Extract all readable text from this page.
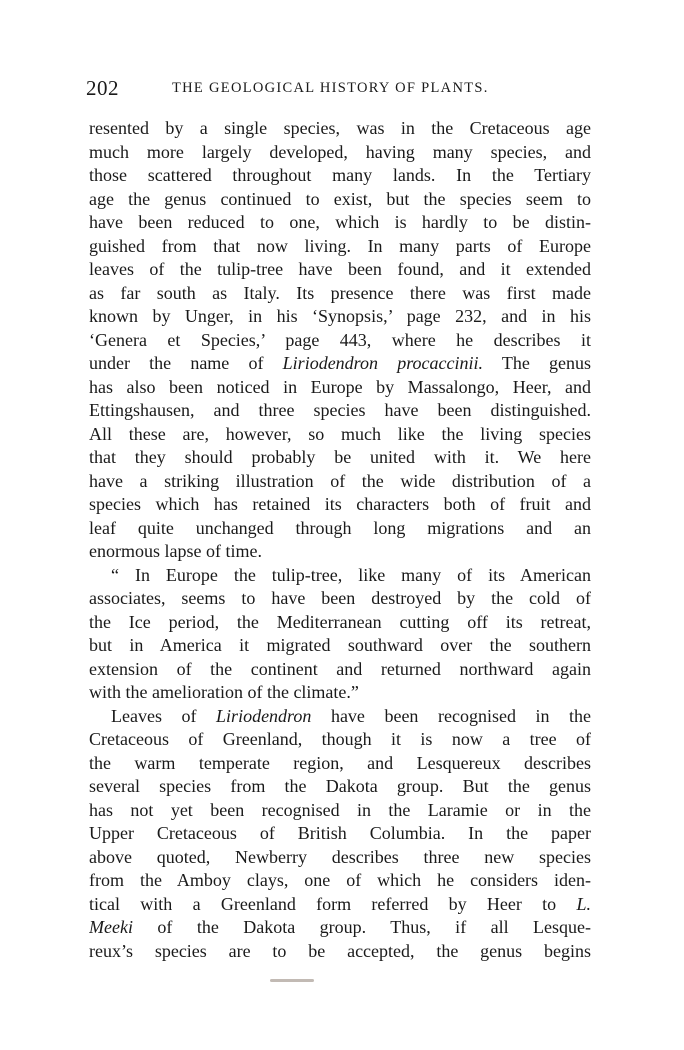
202	THE GEOLOGICAL HISTORY OF PLANTS.
resented by a single species, was in the Cretaceous age
much more largely developed, having many species, and
those scattered throughout many lands. In the Tertiary
age the genus continued to exist, but the species seem to
have been reduced to one, which is hardly to be distin-
guished from that now living. In many parts of Europe
leaves of the tulip-tree have been found, and it extended
as far south as Italy. Its presence there was first made
known by Unger, in his ‘Synopsis,’ page 232, and in his
‘Genera et Species,’ page 443, where he describes it
under the name of Liriodendron procaccinii. The genus
has also been noticed in Europe by Massalongo, Heer, and
Ettingshausen, and three species have been distinguished.
All these are, however, so much like the living species
that they should probably be united with it. We here
have a striking illustration of the wide distribution of a
species which has retained its characters both of fruit and
leaf quite unchanged through long migrations and an
enormous lapse of time.
“ In Europe the tulip-tree, like many of its American
associates, seems to have been destroyed by the cold of
the Ice period, the Mediterranean cutting off its retreat,
but in America it migrated southward over the southern
extension of the continent and returned northward again
with the amelioration of the climate.”
Leaves of Liriodendron have been recognised in the
Cretaceous of Greenland, though it is now a tree of
the warm temperate region, and Lesquereux describes
several species from the Dakota group. But the genus
has not yet been recognised in the Laramie or in the
Upper Cretaceous of British Columbia. In the paper
above quoted, Newberry describes three new species
from the Amboy clays, one of which he considers iden-
tical with a Greenland form referred by Heer to L.
Meeki of the Dakota group. Thus, if all Lesque-
reux’s species are to be accepted, the genus begins
